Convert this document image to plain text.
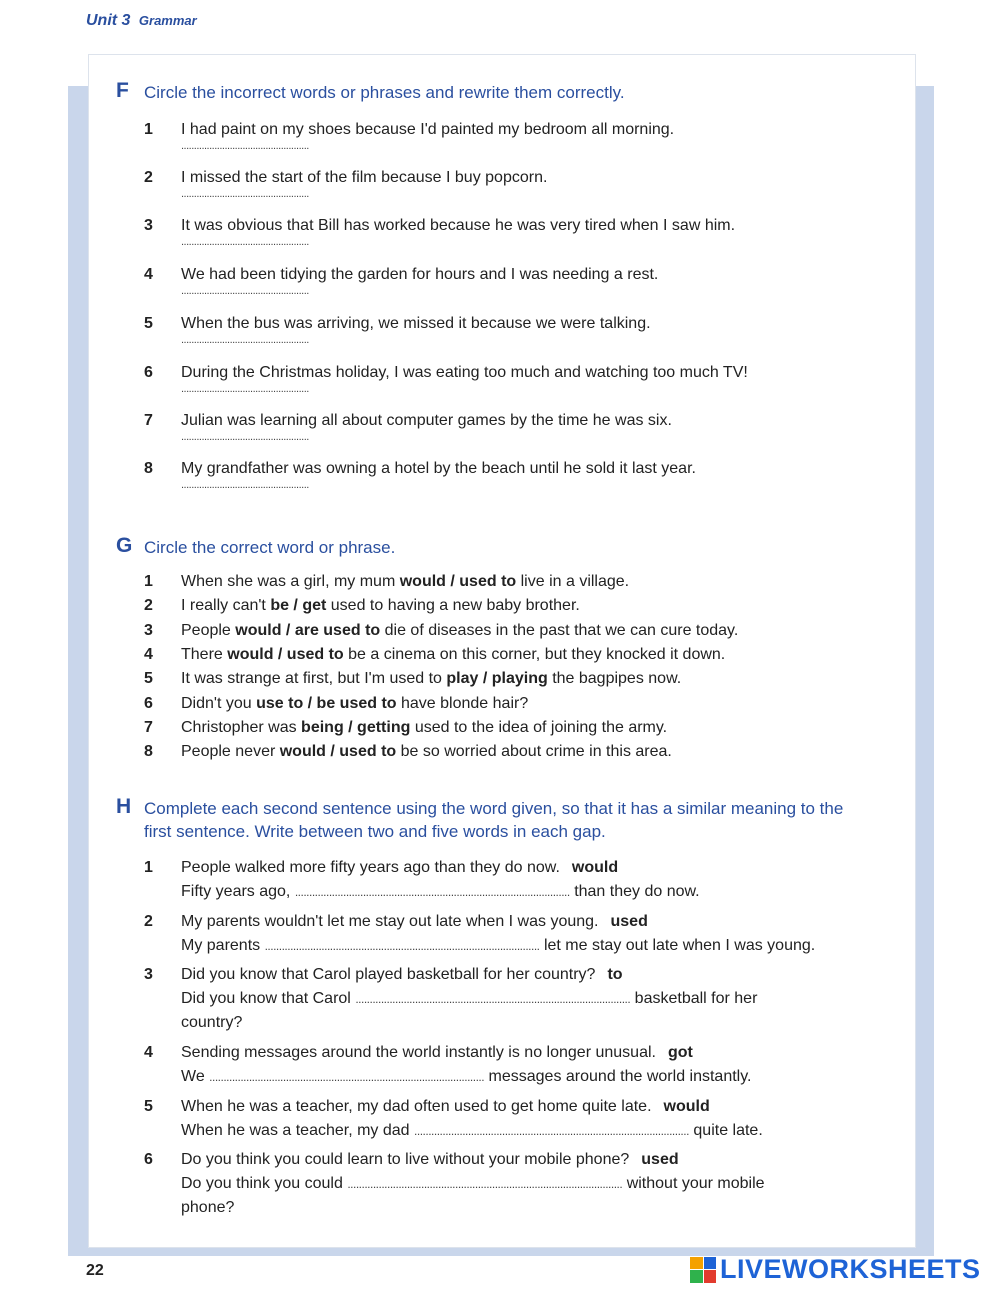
Unit 3 Grammar
F Circle the incorrect words or phrases and rewrite them correctly.
1	I had paint on my shoes because I'd painted my bedroom all morning.
..................................................
2	I missed the start of the film because I buy popcorn.
..................................................
3	It was obvious that Bill has worked because he was very tired when I saw him.
..................................................
4	We had been tidying the garden for hours and I was needing a rest.
..................................................
5	When the bus was arriving, we missed it because we were talking.
..................................................
6	During the Christmas holiday, I was eating too much and watching too much TV!
..................................................
7	Julian was learning all about computer games by the time he was six.
..................................................
8	My grandfather was owning a hotel by the beach until he sold it last year.
..................................................
G Circle the correct word or phrase.
1	When she was a girl, my mum would / used to live in a village.
2	I really can't be / get used to having a new baby brother.
3	People would / are used to die of diseases in the past that we can cure today.
4	There would / used to be a cinema on this corner, but they knocked it down.
5	It was strange at first, but I'm used to play / playing the bagpipes now.
6	Didn't you use to / be used to have blonde hair?
7	Christopher was being / getting used to the idea of joining the army.
8	People never would / used to be so worried about crime in this area.
H Complete each second sentence using the word given, so that it has a similar meaning to the
first sentence. Write between two and five words in each gap.
1	People walked more fifty years ago than they do now. would
Fifty years ago, ................................................................................................. than they do now.
2	My parents wouldn't let me stay out late when I was young. used
My parents ................................................................................................. let me stay out late when I was young.
3	Did you know that Carol played basketball for her country? to
Did you know that Carol ................................................................................................. basketball for her
country?
4	Sending messages around the world instantly is no longer unusual. got
We ................................................................................................. messages around the world instantly.
5	When he was a teacher, my dad often used to get home quite late. would
When he was a teacher, my dad ................................................................................................. quite late.
6	Do you think you could learn to live without your mobile phone? used
Do you think you could ................................................................................................. without your mobile
phone?
22	LIVEWORKSHEETS
